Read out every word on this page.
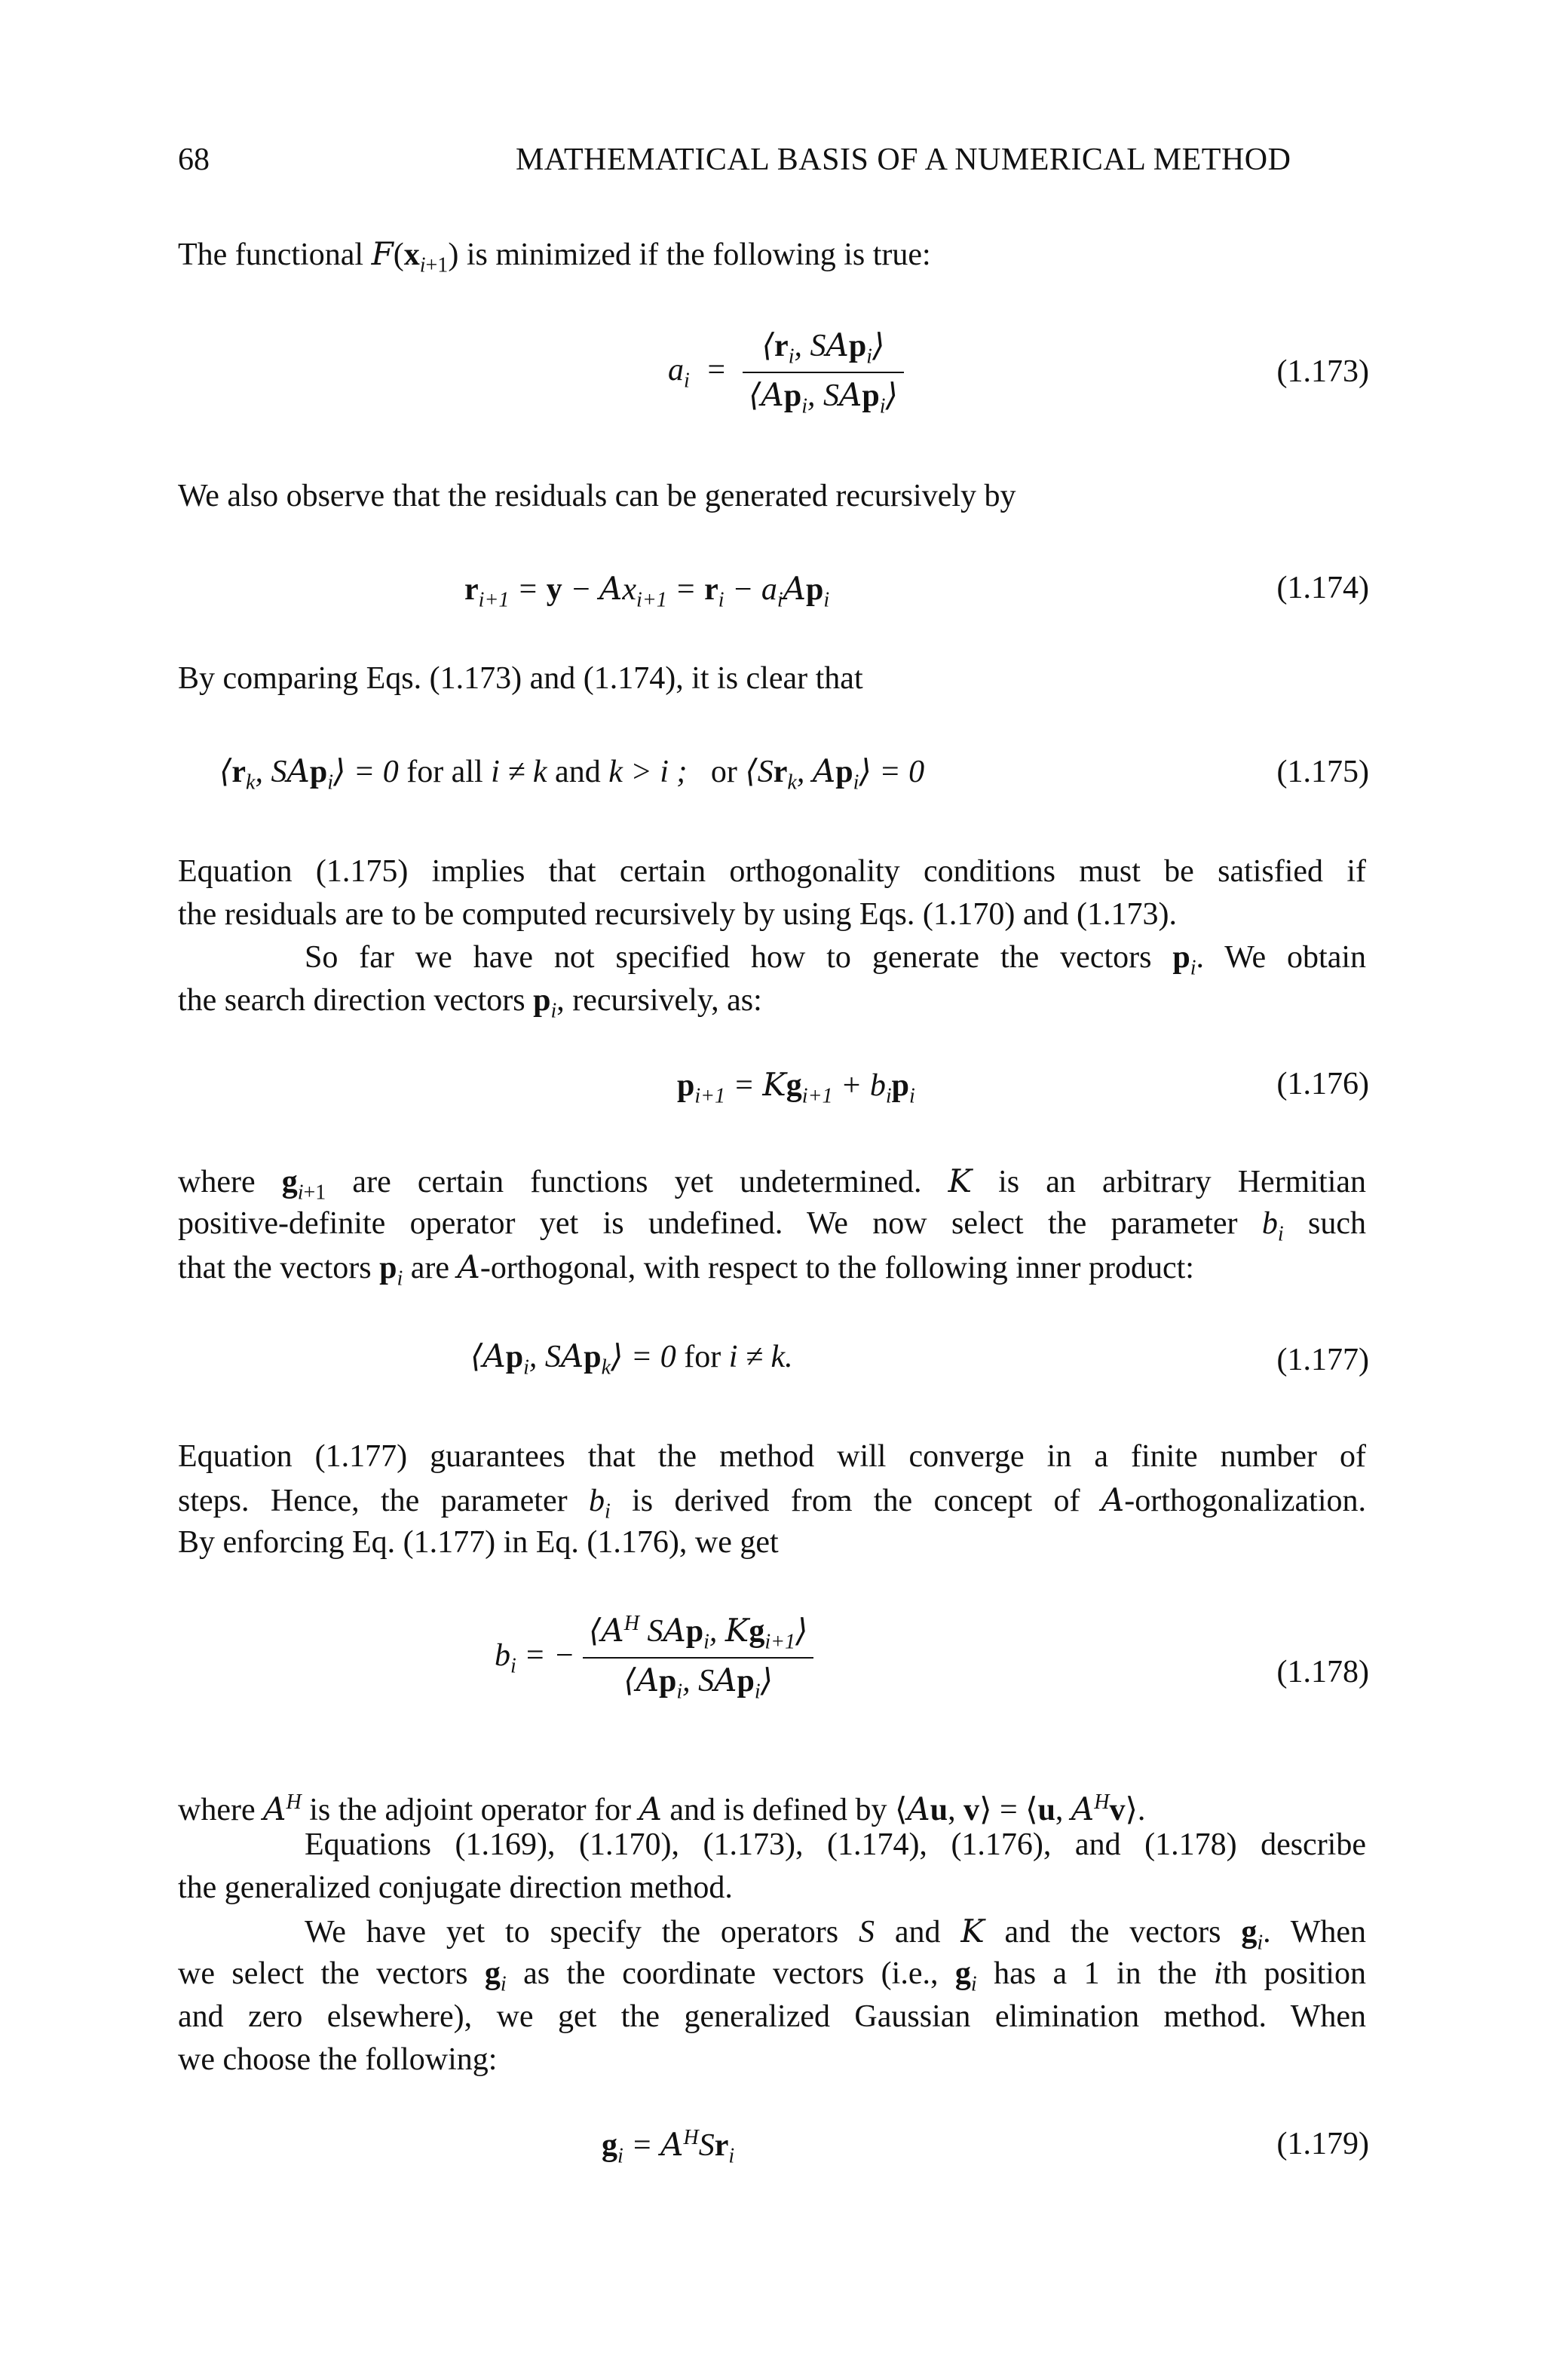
68	MATHEMATICAL BASIS OF A NUMERICAL METHOD
The functional $F(x_{i+1})$ is minimized if the following is true:
$a_i = \frac{⟨r_i, SAp_i⟩}{⟨Ap_i, SAp_i⟩}$	(1.173)
We also observe that the residuals can be generated recursively by
$r_{i+1} = y - Ax_{i+1} = r_i - a_iAp_i$	(1.174)
By comparing Eqs. (1.173) and (1.174), it is clear that
$⟨r_k$, SAp$_i$⟩ = 0 for all i ≠ k and k > i ;   or $⟨Sr_k$, $Ap_i⟩ = 0$	(1.175)
Equation (1.175) implies that certain orthogonality conditions must be satisfied if
the residuals are to be computed recursively by using Eqs. (1.170) and (1.173).
So far we have not specified how to generate the vectors $p_i$. We obtain
the search direction vectors $p_i$, recursively, as:
$p_{i+1} = Kg_{i+1} + b_ip_i$	(1.176)
where $g_{i+1}$ are certain functions yet undetermined. K is an arbitrary Hermitian
positive-definite operator yet is undefined. We now select the parameter $b_i$ such
that the vectors $p_i$ are A-orthogonal, with respect to the following inner product:
$⟨Ap_i$, SAp$_k$⟩ = 0 for i ≠ k.	(1.177)
Equation (1.177) guarantees that the method will converge in a finite number of
steps. Hence, the parameter $b_i$ is derived from the concept of A-orthogonalization.
By enforcing Eq. (1.177) in Eq. (1.176), we get
$b_i$ = − $\frac{⟨A^H SAp_i, Kg_{i+1}⟩}{⟨Ap_i, SAp_i⟩}$	(1.178)
where $A^H$ is the adjoint operator for A and is defined by ⟨Au, v⟩ = ⟨u, $A^Hv⟩$.
Equations (1.169), (1.170), (1.173), (1.174), (1.176), and (1.178) describe
the generalized conjugate direction method.
We have yet to specify the operators S and K and the vectors $g_i$. When
we select the vectors $g_i$ as the coordinate vectors (i.e., $g_i$ has a 1 in the ith position
and zero elsewhere), we get the generalized Gaussian elimination method. When
we choose the following:
$g_i = A^HSr_i$	(1.179)
